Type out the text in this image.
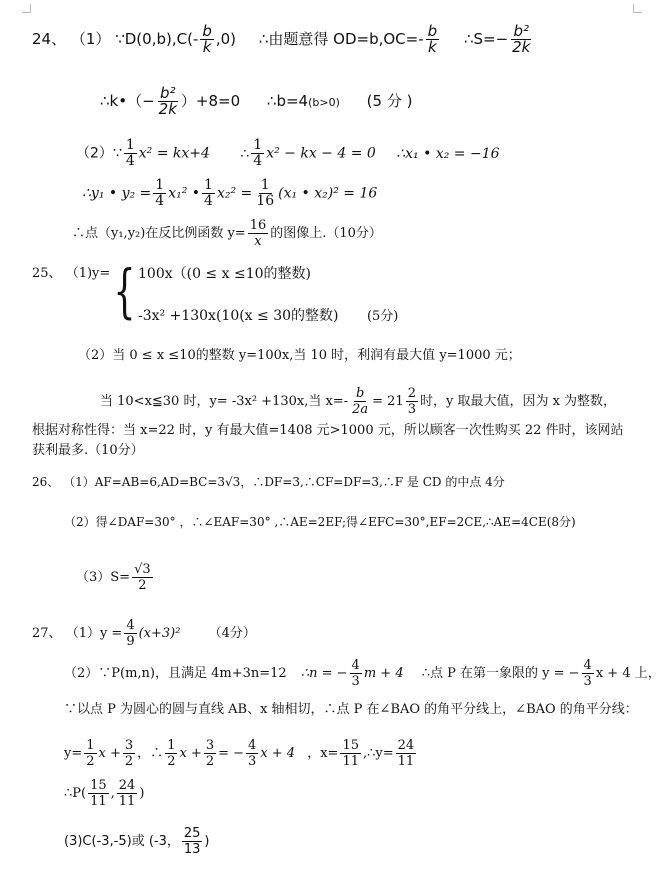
24、 （1） ∵D(0,b),C(- $\frac{b}{k} ,0$) ∴由题意得 $OD=b,OC=- \frac{b}{k}$ ∴S=− $\frac{\text{b²}}{2k}$
∴k•（− $\frac{\text{b²}}{2k} )+8=0$ ∴b=4(b>0) (5 分 )
（2）∵ $\frac{1}{4} x^2 = kx+4$ ∴ $\frac{1}{4} x^2$ − kx − 4 = 0 ∴x₁ • x₂ = −16
∴y₁ • $y_2 = \frac{1}{4} x_1^2$ • $\frac{1}{4} x_2^2 = \frac{1}{16} (x_1$ • x₂)² = 16
∴点（y₁,y₂)在反比例函数 $y= \frac{16}{x}$ 的图像上.（10分）
25、 （1)y= { 100x（(0 ≤ x ≤10的整数)
-3x² +130x(10(x ≤ 30的整数) (5分)
（2）当 0 ≤ x ≤10的整数 y=100x,当 10 时，利润有最大值 y=1000 元；
当 10<x≦30 时，y= -3x² +130x,当 $x=- \frac{b}{2a} = 21 \frac{2}{3}$ 时，y 取最大值，因为 x 为整数，
根据对称性得：当 x=22 时，y 有最大值=1408 元>1000 元，所以顾客一次性购买 22 件时，该网站
获利最多.（10分）
26、 （1）AF=AB=6,AD=BC=3√3，∴DF=3,∴CF=DF=3,∴F 是 CD 的中点 4分
（2）得∠DAF=30° ，∴∠EAF=30° ,∴AE=2EF;得∠EFC=30°,EF=2CE,∴AE=4CE(8分)
$(3)S= \frac{√3}{2}$
27、 $(1)y = \frac{4}{9} (x+3)^2$ （4分）
（2）∵P(m,n)，且满足 4m+3n=12 ∴n = − $\frac{4}{3}$ m + 4 ∴点 P 在第一象限的 y = − $\frac{4}{3}$ x + 4 上，
∵以点 P 为圆心的圆与直线 AB、x 轴相切，∴点 P 在∠BAO 的角平分线上，∠BAO 的角平分线：
$y= \frac{1}{2}$ $x + \frac{3}{2}$ ，∴ $\frac{1}{2}$ $x + \frac{3}{2}$ = − $\frac{4}{3}$ x + 4 ，$x= \frac{15}{11}$ ,∴y= $\frac{24}{11}$
∴P( $\frac{15}{11}$ , $\frac{24}{11}$ )
(3)C(-3,-5)或 (-3， $\frac{25}{13}$ )
